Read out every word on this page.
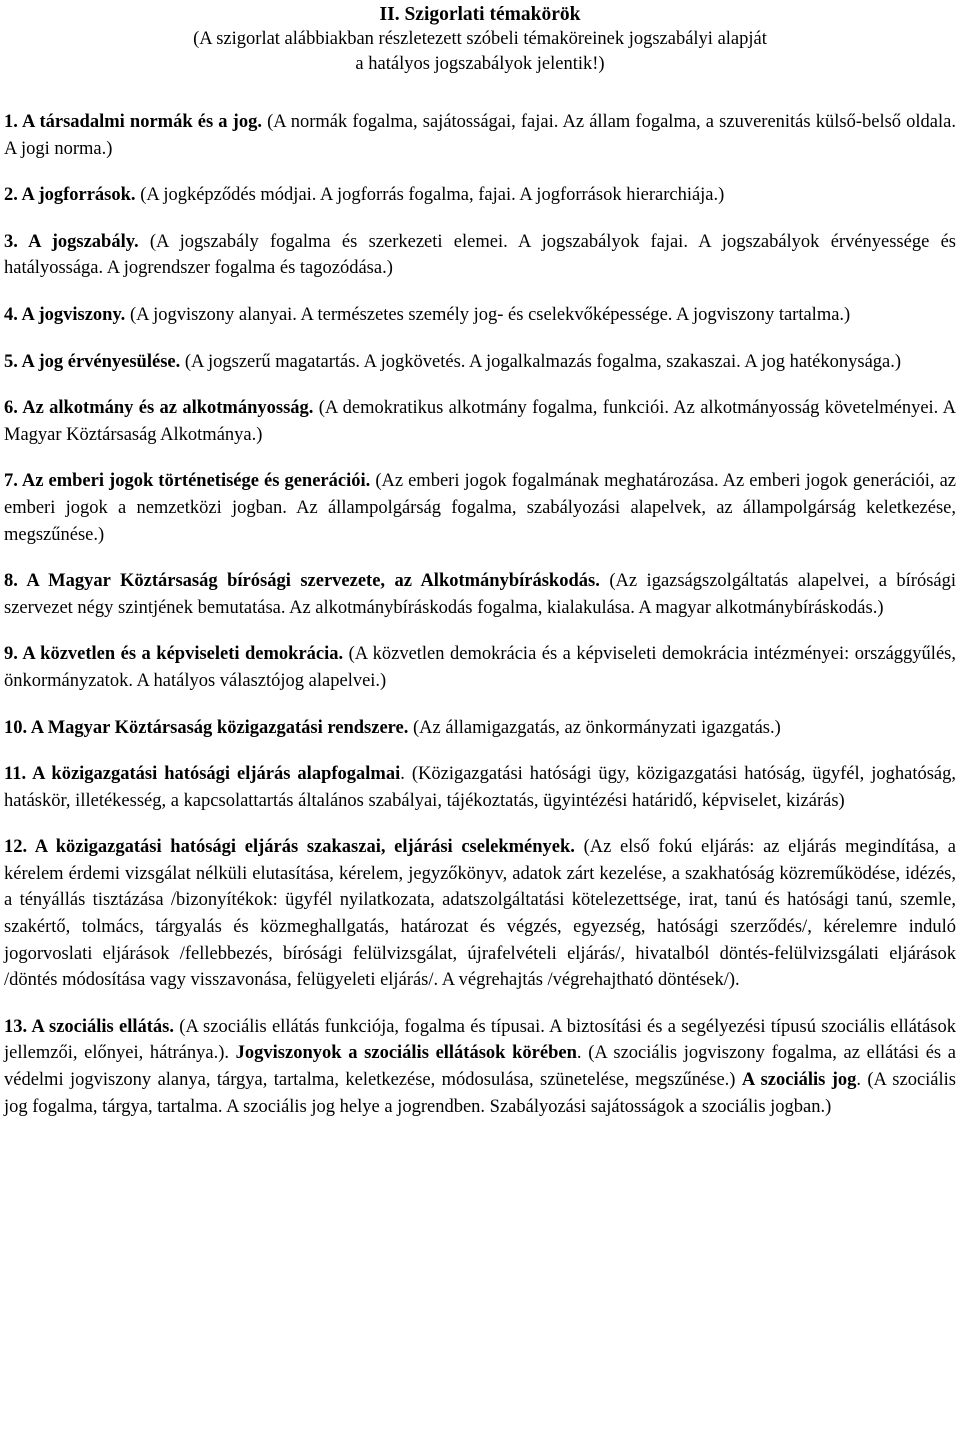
II. Szigorlati témakörök
(A szigorlat alábbiakban részletezett szóbeli témaköreinek jogszabályi alapját
a hatályos jogszabályok jelentik!)

1. A társadalmi normák és a jog. (A normák fogalma, sajátosságai, fajai. Az állam fogalma, a szuverenitás külső-belső oldala. A jogi norma.)

2. A jogforrások. (A jogképződés módjai. A jogforrás fogalma, fajai. A jogforrások hierarchiája.)

3. A jogszabály. (A jogszabály fogalma és szerkezeti elemei. A jogszabályok fajai. A jogszabályok érvényessége és hatályossága. A jogrendszer fogalma és tagozódása.)

4. A jogviszony. (A jogviszony alanyai. A természetes személy jog- és cselekvőképessége. A jogviszony tartalma.)

5. A jog érvényesülése. (A jogszerű magatartás. A jogkövetés. A jogalkalmazás fogalma, szakaszai. A jog hatékonysága.)

6. Az alkotmány és az alkotmányosság. (A demokratikus alkotmány fogalma, funkciói. Az alkotmányosság követelményei. A Magyar Köztársaság Alkotmánya.)

7. Az emberi jogok történetisége és generációi. (Az emberi jogok fogalmának meghatározása. Az emberi jogok generációi, az emberi jogok a nemzetközi jogban. Az állampolgárság fogalma, szabályozási alapelvek, az állampolgárság keletkezése, megszűnése.)

8. A Magyar Köztársaság bírósági szervezete, az Alkotmánybíráskodás. (Az igazságszolgáltatás alapelvei, a bírósági szervezet négy szintjének bemutatása. Az alkotmánybíráskodás fogalma, kialakulása. A magyar alkotmánybíráskodás.)

9. A közvetlen és a képviseleti demokrácia. (A közvetlen demokrácia és a képviseleti demokrácia intézményei: országgyűlés, önkormányzatok. A hatályos választójog alapelvei.)

10. A Magyar Köztársaság közigazgatási rendszere. (Az államigazgatás, az önkormányzati igazgatás.)

11. A közigazgatási hatósági eljárás alapfogalmai. (Közigazgatási hatósági ügy, közigazgatási hatóság, ügyfél, joghatóság, hatáskör, illetékesség, a kapcsolattartás általános szabályai, tájékoztatás, ügyintézési határidő, képviselet, kizárás)

12. A közigazgatási hatósági eljárás szakaszai, eljárási cselekmények. (Az első fokú eljárás: az eljárás megindítása, a kérelem érdemi vizsgálat nélküli elutasítása, kérelem, jegyzőkönyv, adatok zárt kezelése, a szakhatóság közreműködése, idézés, a tényállás tisztázása /bizonyítékok: ügyfél nyilatkozata, adatszolgáltatási kötelezettsége, irat, tanú és hatósági tanú, szemle, szakértő, tolmács, tárgyalás és közmeghallgatás, határozat és végzés, egyezség, hatósági szerződés/, kérelemre induló jogorvoslati eljárások /fellebbezés, bírósági felülvizsgálat, újrafelvételi eljárás/, hivatalból döntés-felülvizsgálati eljárások /döntés módosítása vagy visszavonása, felügyeleti eljárás/. A végrehajtás /végrehajtható döntések/).

13. A szociális ellátás. (A szociális ellátás funkciója, fogalma és típusai. A biztosítási és a segélyezési típusú szociális ellátások jellemzői, előnyei, hátránya.). Jogviszonyok a szociális ellátások körében. (A szociális jogviszony fogalma, az ellátási és a védelmi jogviszony alanya, tárgya, tartalma, keletkezése, módosulása, szünetelése, megszűnése.) A szociális jog. (A szociális jog fogalma, tárgya, tartalma. A szociális jog helye a jogrendben. Szabályozási sajátosságok a szociális jogban.)
